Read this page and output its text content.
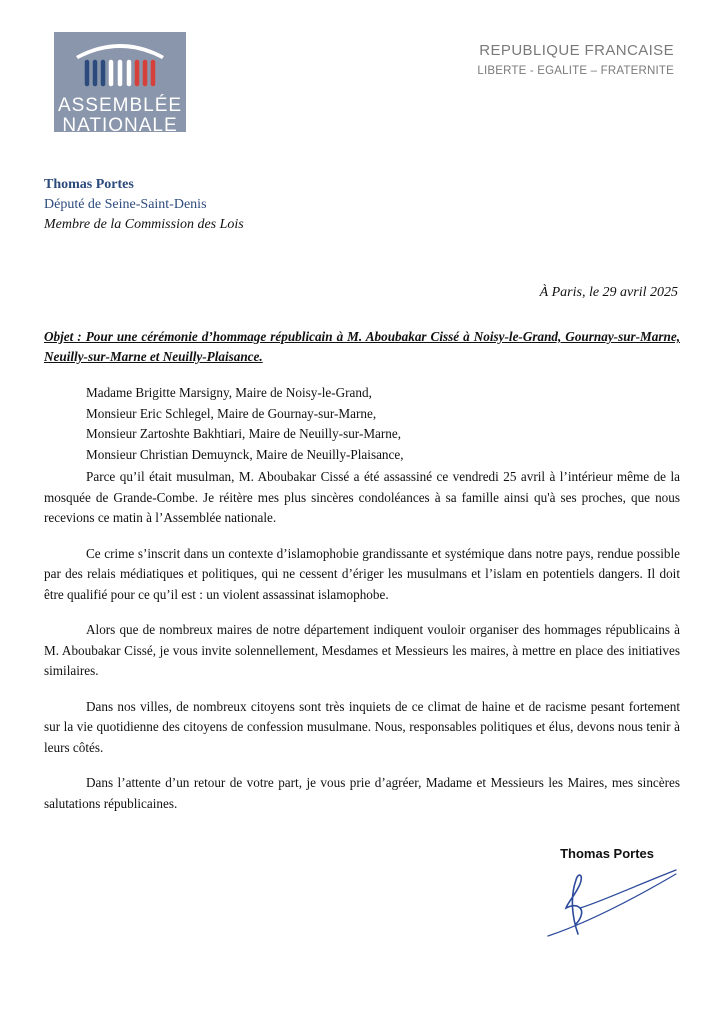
ASSEMBLÉE
NATIONALE
REPUBLIQUE FRANCAISE
LIBERTE - EGALITE – FRATERNITE
Thomas Portes
Député de Seine-Saint-Denis
Membre de la Commission des Lois
À Paris, le 29 avril 2025
Objet : Pour une cérémonie d’hommage républicain à M. Aboubakar Cissé à Noisy-le-Grand, Gournay-sur-Marne, Neuilly-sur-Marne et Neuilly-Plaisance.
Madame Brigitte Marsigny, Maire de Noisy-le-Grand,
Monsieur Eric Schlegel, Maire de Gournay-sur-Marne,
Monsieur Zartoshte Bakhtiari, Maire de Neuilly-sur-Marne,
Monsieur Christian Demuynck, Maire de Neuilly-Plaisance,

Parce qu’il était musulman, M. Aboubakar Cissé a été assassiné ce vendredi 25 avril à l’intérieur même de la mosquée de Grande-Combe. Je réitère mes plus sincères condoléances à sa famille ainsi qu'à ses proches, que nous recevions ce matin à l’Assemblée nationale.

Ce crime s’inscrit dans un contexte d’islamophobie grandissante et systémique dans notre pays, rendue possible par des relais médiatiques et politiques, qui ne cessent d’ériger les musulmans et l’islam en potentiels dangers. Il doit être qualifié pour ce qu’il est : un violent assassinat islamophobe.

Alors que de nombreux maires de notre département indiquent vouloir organiser des hommages républicains à M. Aboubakar Cissé, je vous invite solennellement, Mesdames et Messieurs les maires, à mettre en place des initiatives similaires.

Dans nos villes, de nombreux citoyens sont très inquiets de ce climat de haine et de racisme pesant fortement sur la vie quotidienne des citoyens de confession musulmane. Nous, responsables politiques et élus, devons nous tenir à leurs côtés.

Dans l’attente d’un retour de votre part, je vous prie d’agréer, Madame et Messieurs les Maires, mes sincères salutations républicaines.

Thomas Portes
